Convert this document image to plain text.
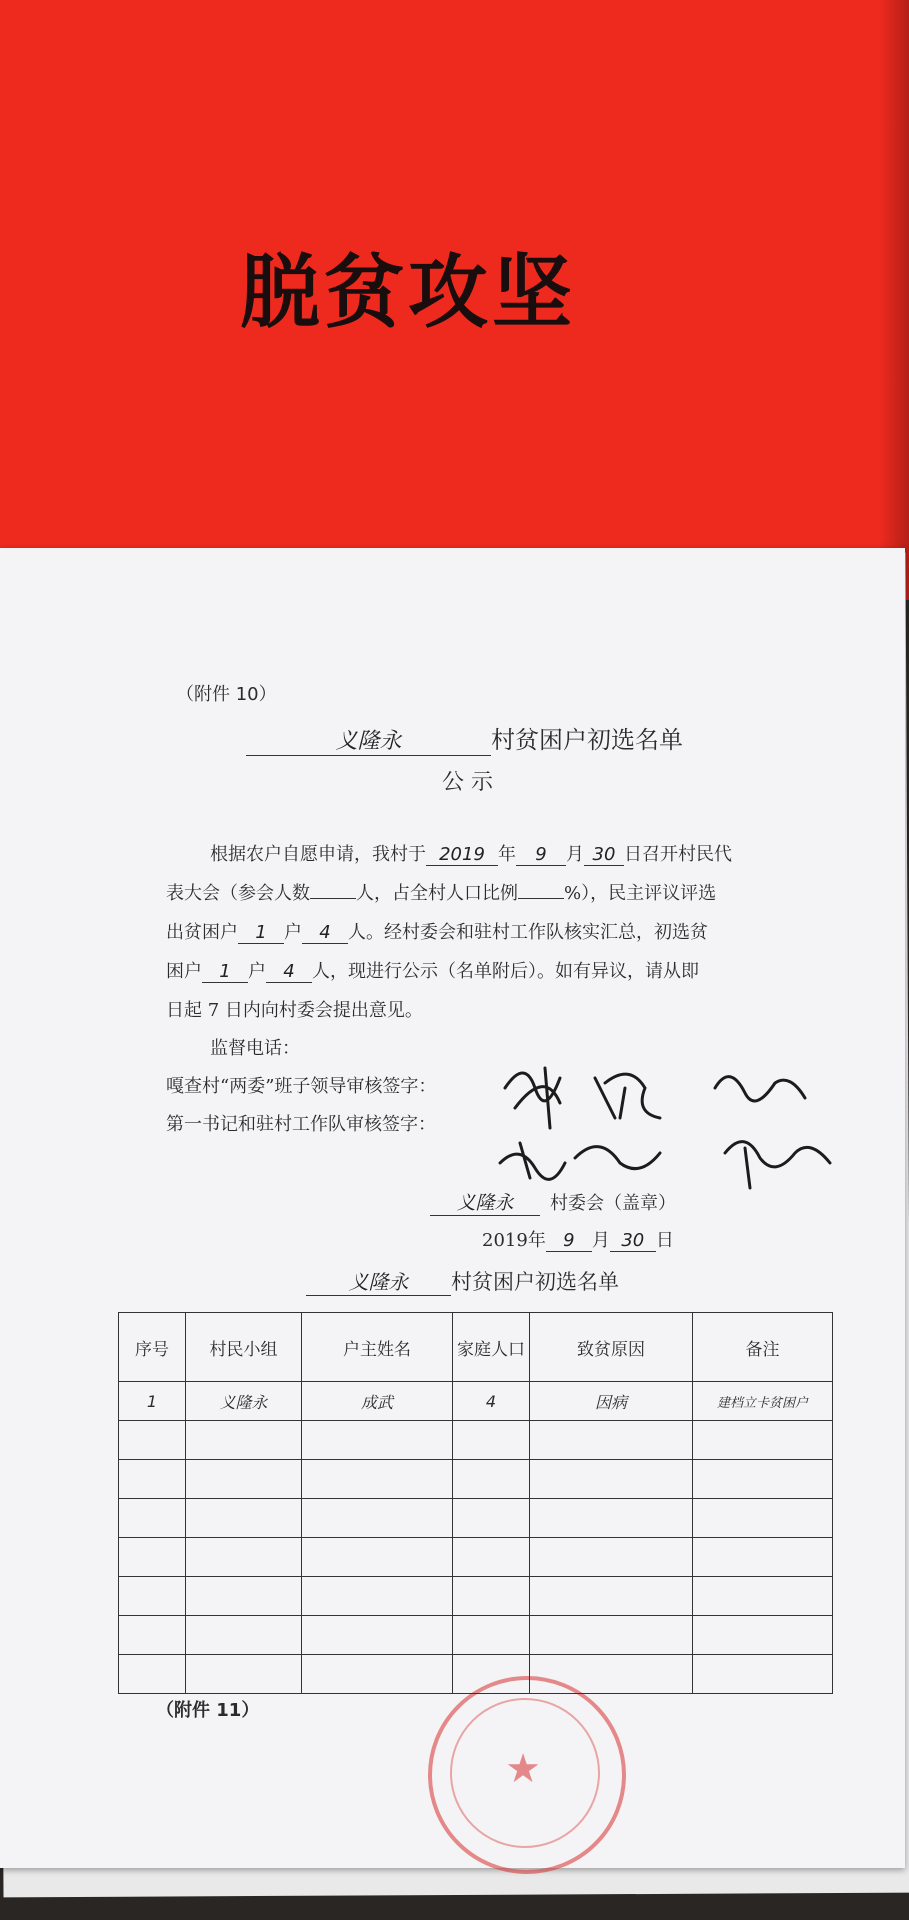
脱贫攻坚
（附件 10）
义隆永	村贫困户初选名单
公 示
根据农户自愿申请，我村于 2019 年 9 月 30 日召开村民代
表大会（参会人数	人，占全村人口比例	%），民主评议评选
出贫困户 1 户 4 人。经村委会和驻村工作队核实汇总，初选贫
困户 1 户 4 人，现进行公示（名单附后）。如有异议，请从即
日起 7 日内向村委会提出意见。
监督电话：
嘎查村“两委”班子领导审核签字：
第一书记和驻村工作队审核签字：
★
义隆永 村委会（盖章）
2019年 9 月 30 日
义隆永 村贫困户初选名单
（附件 11）
序号	村民小组	户主姓名	家庭人口	致贫原因	备注
1	义隆永	成武	4	因病	建档立卡贫困户
